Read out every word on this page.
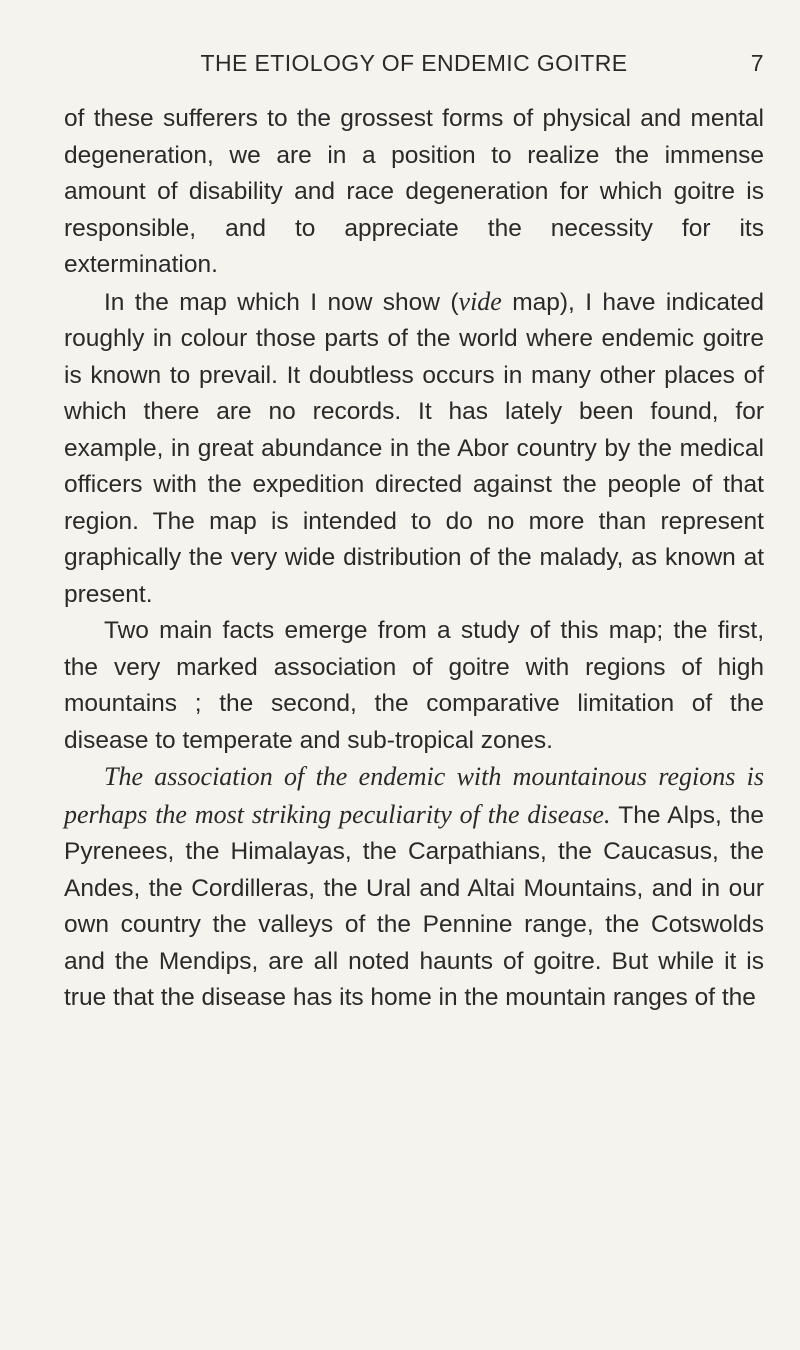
THE ETIOLOGY OF ENDEMIC GOITRE	7

of these sufferers to the grossest forms of physical and mental degeneration, we are in a position to realize the immense amount of disability and race degeneration for which goitre is responsible, and to appreciate the necessity for its extermination.

In the map which I now show (vide map), I have indicated roughly in colour those parts of the world where endemic goitre is known to prevail. It doubtless occurs in many other places of which there are no records. It has lately been found, for example, in great abundance in the Abor country by the medical officers with the expedition directed against the people of that region. The map is intended to do no more than represent graphically the very wide distribution of the malady, as known at present.

Two main facts emerge from a study of this map; the first, the very marked association of goitre with regions of high mountains ; the second, the comparative limitation of the disease to temperate and sub-tropical zones.

The association of the endemic with mountainous regions is perhaps the most striking peculiarity of the disease. The Alps, the Pyrenees, the Himalayas, the Carpathians, the Caucasus, the Andes, the Cordilleras, the Ural and Altai Mountains, and in our own country the valleys of the Pennine range, the Cotswolds and the Mendips, are all noted haunts of goitre. But while it is true that the disease has its home in the mountain ranges of the
